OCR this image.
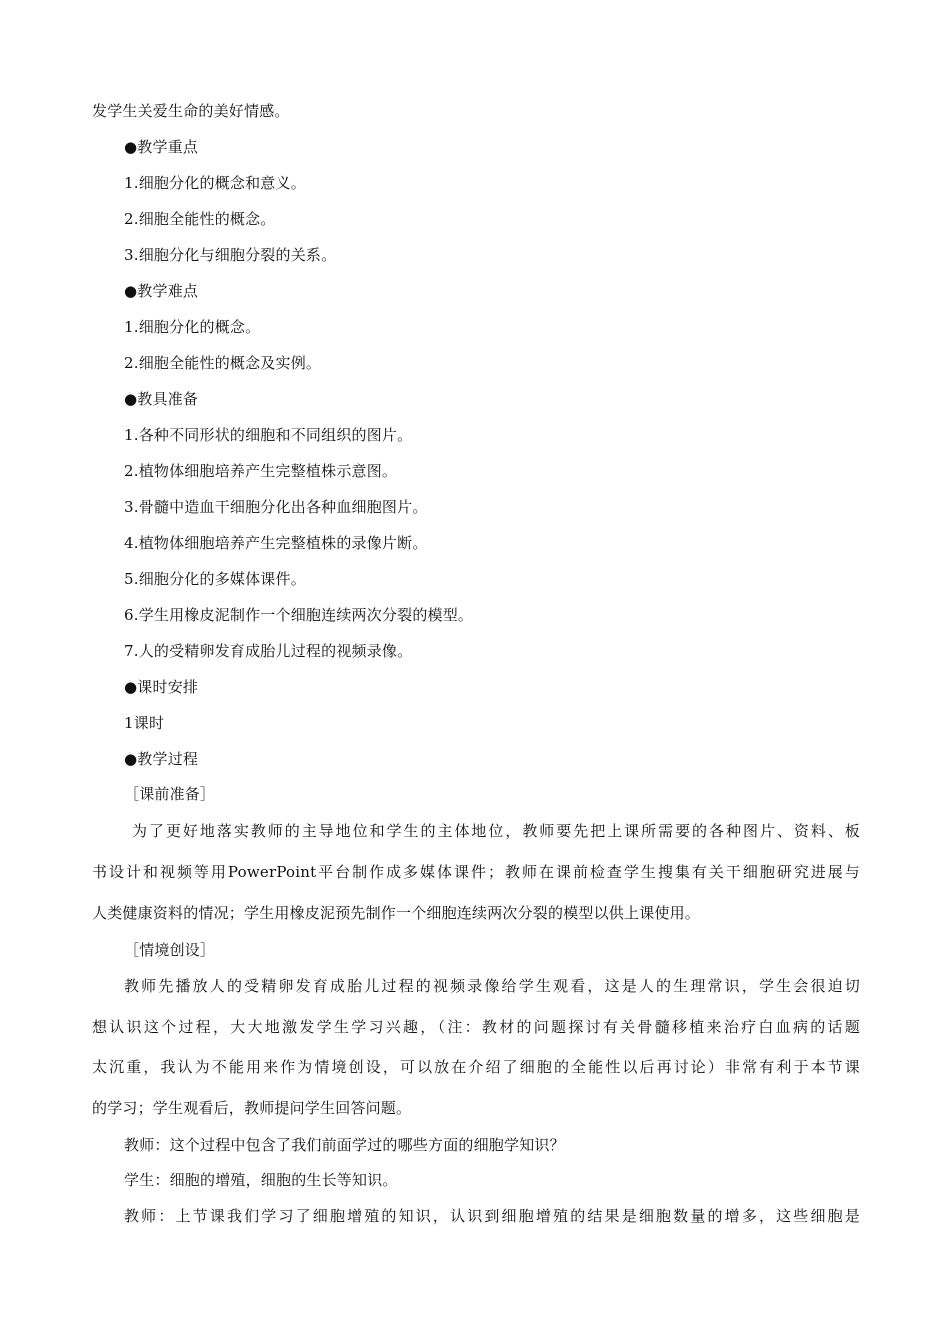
发学生关爱生命的美好情感。
●教学重点
1.细胞分化的概念和意义。
2.细胞全能性的概念。
3.细胞分化与细胞分裂的关系。
●教学难点
1.细胞分化的概念。
2.细胞全能性的概念及实例。
●教具准备
1.各种不同形状的细胞和不同组织的图片。
2.植物体细胞培养产生完整植株示意图。
3.骨髓中造血干细胞分化出各种血细胞图片。
4.植物体细胞培养产生完整植株的录像片断。
5.细胞分化的多媒体课件。
6.学生用橡皮泥制作一个细胞连续两次分裂的模型。
7.人的受精卵发育成胎儿过程的视频录像。
●课时安排
1课时
●教学过程
［课前准备］
为了更好地落实教师的主导地位和学生的主体地位，教师要先把上课所需要的各种图片、资料、板
书设计和视频等用PowerPoint平台制作成多媒体课件；教师在课前检查学生搜集有关干细胞研究进展与
人类健康资料的情况；学生用橡皮泥预先制作一个细胞连续两次分裂的模型以供上课使用。
［情境创设］
教师先播放人的受精卵发育成胎儿过程的视频录像给学生观看，这是人的生理常识，学生会很迫切
想认识这个过程，大大地激发学生学习兴趣，（注：教材的问题探讨有关骨髓移植来治疗白血病的话题
太沉重，我认为不能用来作为情境创设，可以放在介绍了细胞的全能性以后再讨论）非常有利于本节课
的学习；学生观看后，教师提问学生回答问题。
教师：这个过程中包含了我们前面学过的哪些方面的细胞学知识？
学生：细胞的增殖，细胞的生长等知识。
教师：上节课我们学习了细胞增殖的知识，认识到细胞增殖的结果是细胞数量的增多，这些细胞是
